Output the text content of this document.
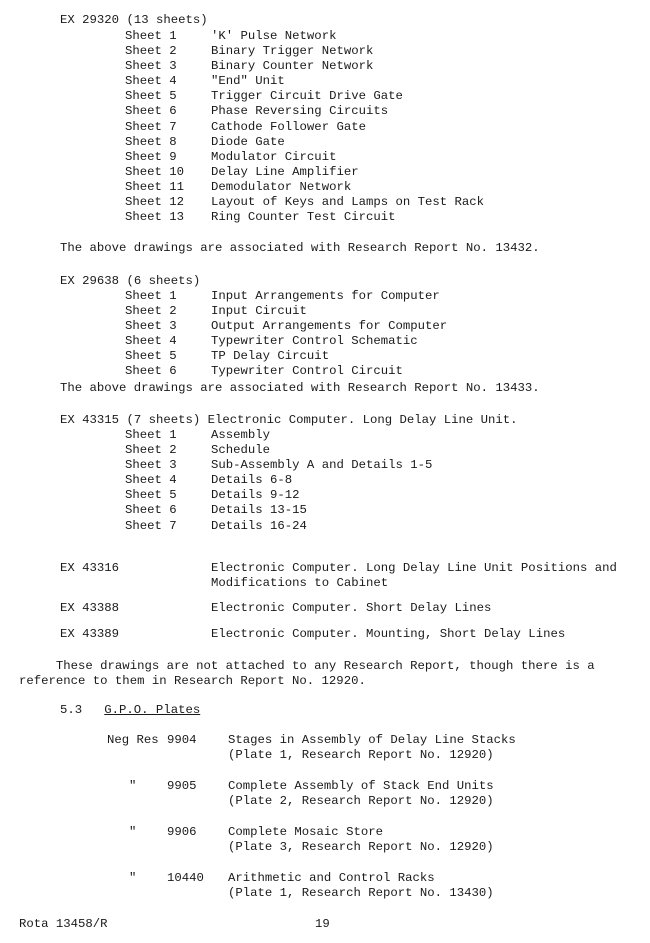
EX 29320 (13 sheets)
Sheet 1	'K' Pulse Network
Sheet 2	Binary Trigger Network
Sheet 3	Binary Counter Network
Sheet 4	"End" Unit
Sheet 5	Trigger Circuit Drive Gate
Sheet 6	Phase Reversing Circuits
Sheet 7	Cathode Follower Gate
Sheet 8	Diode Gate
Sheet 9	Modulator Circuit
Sheet 10	Delay Line Amplifier
Sheet 11	Demodulator Network
Sheet 12	Layout of Keys and Lamps on Test Rack
Sheet 13	Ring Counter Test Circuit
The above drawings are associated with Research Report No. 13432.
EX 29638 (6 sheets)
Sheet 1	Input Arrangements for Computer
Sheet 2	Input Circuit
Sheet 3	Output Arrangements for Computer
Sheet 4	Typewriter Control Schematic
Sheet 5	TP Delay Circuit
Sheet 6	Typewriter Control Circuit
The above drawings are associated with Research Report No. 13433.
EX 43315 (7 sheets) Electronic Computer. Long Delay Line Unit.
Sheet 1	Assembly
Sheet 2	Schedule
Sheet 3	Sub-Assembly A and Details 1-5
Sheet 4	Details 6-8
Sheet 5	Details 9-12
Sheet 6	Details 13-15
Sheet 7	Details 16-24
EX 43316	Electronic Computer. Long Delay Line Unit Positions and
Modifications to Cabinet
EX 43388	Electronic Computer. Short Delay Lines
EX 43389	Electronic Computer. Mounting, Short Delay Lines
These drawings are not attached to any Research Report, though there is a
reference to them in Research Report No. 12920.
5.3 G.P.O. Plates
Neg Res 9904	Stages in Assembly of Delay Line Stacks
(Plate 1, Research Report No. 12920)
" 9905	Complete Assembly of Stack End Units
(Plate 2, Research Report No. 12920)
" 9906	Complete Mosaic Store
(Plate 3, Research Report No. 12920)
" 10440 Arithmetic and Control Racks
(Plate 1, Research Report No. 13430)
Rota 13458/R	19
